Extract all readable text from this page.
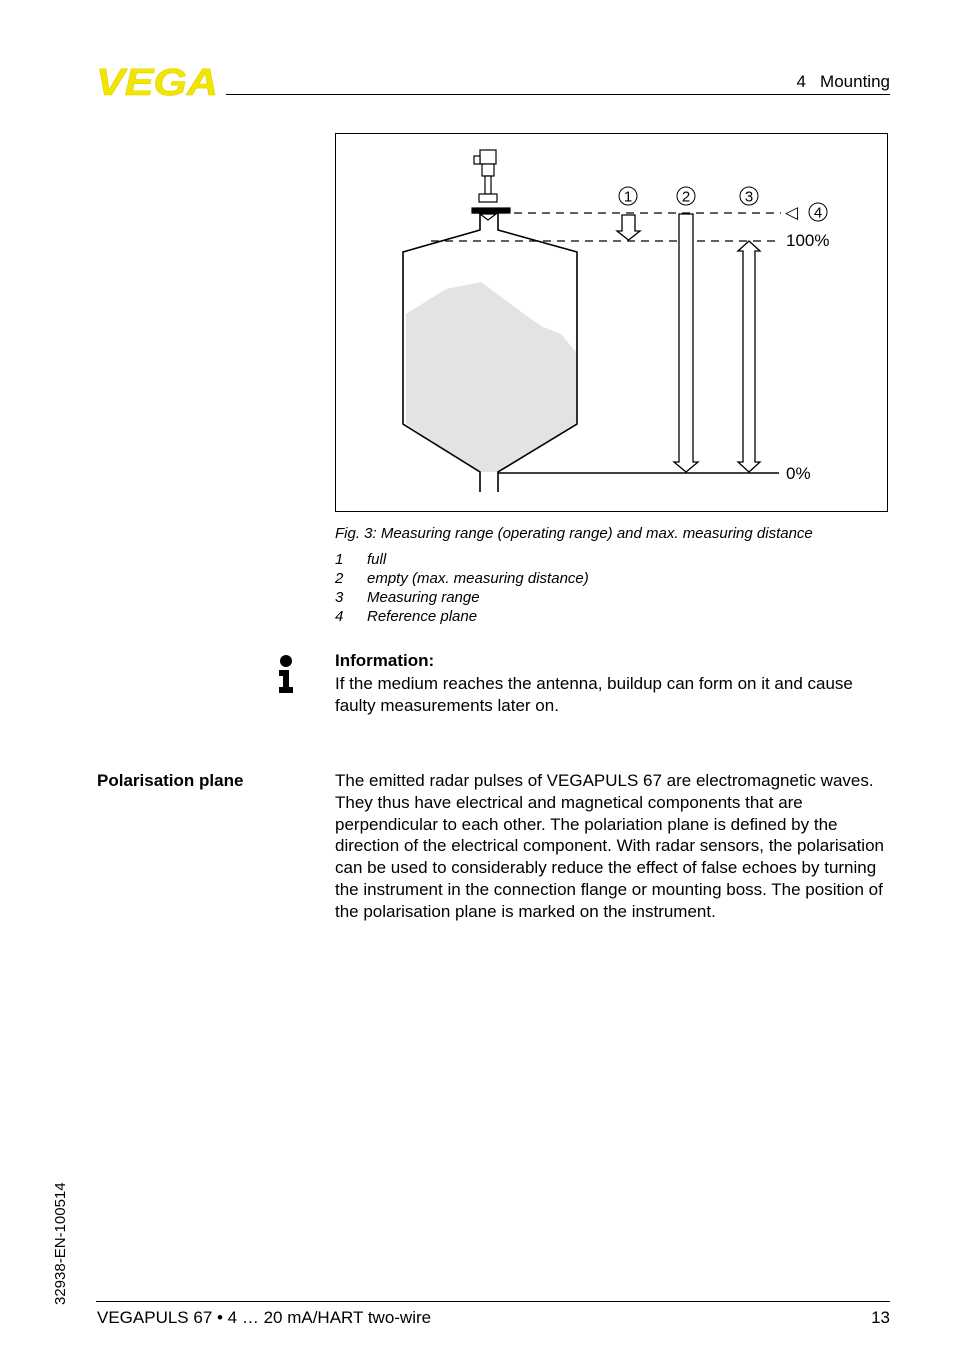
VEGA	4   Mounting
1	2	3
4
◁
100%
0%
Fig. 3: Measuring range (operating range) and max. measuring distance
1 full
2 empty (max. measuring distance)
3 Measuring range
4 Reference plane
Information:
If the medium reaches the antenna, buildup can form on it and cause faulty measurements later on.
Polarisation plane	The emitted radar pulses of VEGAPULS 67 are electromagnetic waves. They thus have electrical and magnetical components that are perpendicular to each other. The polariation plane is defined by the direction of the electrical component. With radar sensors, the polarisation can be used to considerably reduce the effect of false echoes by turning the instrument in the connection flange or mounting boss. The position of the polarisation plane is marked on the instrument.
32938-EN-100514
VEGAPULS 67 • 4 … 20 mA/HART two-wire	13
